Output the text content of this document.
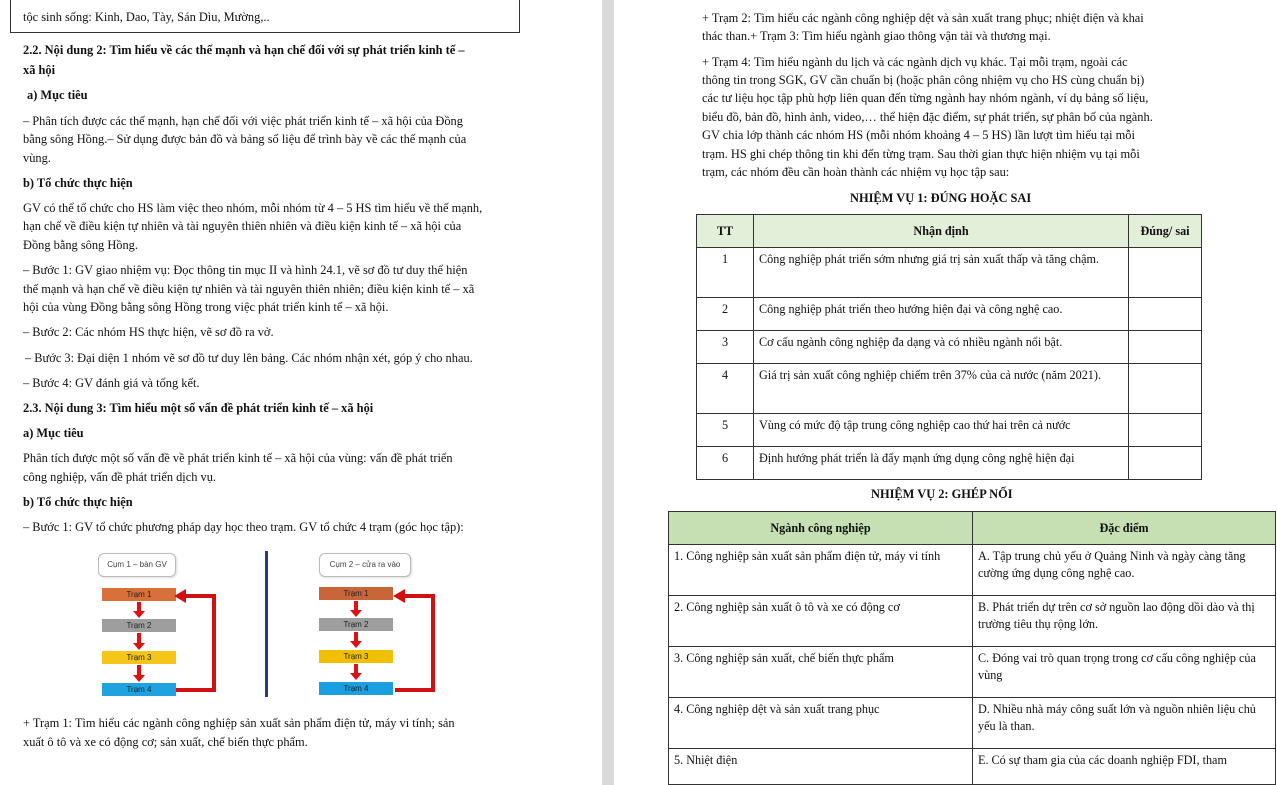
tộc sinh sống: Kinh, Dao, Tày, Sán Dìu, Mường,..
2.2. Nội dung 2: Tìm hiểu về các thế mạnh và hạn chế đối với sự phát triển kinh tế –
xã hội
a) Mục tiêu
– Phân tích được các thế mạnh, hạn chế đối với việc phát triển kinh tế – xã hội của Đồng
bằng sông Hồng.– Sử dụng được bản đồ và bảng số liệu để trình bày về các thế mạnh của
vùng.
b) Tổ chức thực hiện
GV có thể tổ chức cho HS làm việc theo nhóm, mỗi nhóm từ 4 – 5 HS tìm hiểu về thế mạnh,
hạn chế về điều kiện tự nhiên và tài nguyên thiên nhiên và điều kiện kinh tế – xã hội của
Đồng bằng sông Hồng.
– Bước 1: GV giao nhiệm vụ: Đọc thông tin mục II và hình 24.1, vẽ sơ đồ tư duy thể hiện
thế mạnh và hạn chế về điều kiện tự nhiên và tài nguyên thiên nhiên; điều kiện kinh tế – xã
hội của vùng Đồng bằng sông Hồng trong việc phát triển kinh tế – xã hội.
– Bước 2: Các nhóm HS thực hiện, vẽ sơ đồ ra vở.
– Bước 3: Đại diện 1 nhóm vẽ sơ đồ tư duy lên bảng. Các nhóm nhận xét, góp ý cho nhau.
– Bước 4: GV đánh giá và tổng kết.
2.3. Nội dung 3: Tìm hiểu một số vấn đề phát triển kinh tế – xã hội
a) Mục tiêu
Phân tích được một số vấn đề về phát triển kinh tế – xã hội của vùng: vấn đề phát triển
công nghiệp, vấn đề phát triển dịch vụ.
b) Tổ chức thực hiện
– Bước 1: GV tổ chức phương pháp dạy học theo trạm. GV tổ chức 4 trạm (góc học tập):
Cụm 1 – bàn GV
Trạm 1
Trạm 2
Trạm 3
Trạm 4
Cụm 2 – cửa ra vào
Trạm 1
Trạm 2
Trạm 3
Trạm 4
+ Trạm 1: Tìm hiểu các ngành công nghiệp sản xuất sản phẩm điện tử, máy vi tính; sản
xuất ô tô và xe có động cơ; sản xuất, chế biến thực phẩm.
+ Trạm 2: Tìm hiểu các ngành công nghiệp dệt và sản xuất trang phục; nhiệt điện và khai
thác than.+ Trạm 3: Tìm hiểu ngành giao thông vận tải và thương mại.
+ Trạm 4: Tìm hiểu ngành du lịch và các ngành dịch vụ khác. Tại mỗi trạm, ngoài các
thông tin trong SGK, GV cần chuẩn bị (hoặc phân công nhiệm vụ cho HS cùng chuẩn bị)
các tư liệu học tập phù hợp liên quan đến từng ngành hay nhóm ngành, ví dụ bảng số liệu,
biểu đồ, bản đồ, hình ảnh, video,… thể hiện đặc điểm, sự phát triển, sự phân bố của ngành.
GV chia lớp thành các nhóm HS (mỗi nhóm khoảng 4 – 5 HS) lần lượt tìm hiểu tại mỗi
trạm. HS ghi chép thông tin khi đến từng trạm. Sau thời gian thực hiện nhiệm vụ tại mỗi
trạm, các nhóm đều cần hoàn thành các nhiệm vụ học tập sau:
NHIỆM VỤ 1: ĐÚNG HOẶC SAI
TT	Nhận định	Đúng/ sai
1	Công nghiệp phát triển sớm nhưng giá trị sản xuất thấp và tăng chậm.	
2	Công nghiệp phát triển theo hướng hiện đại và công nghệ cao.	
3	Cơ cấu ngành công nghiệp đa dạng và có nhiều ngành nổi bật.	
4	Giá trị sản xuất công nghiệp chiếm trên 37% của cả nước (năm 2021).	
5	Vùng có mức độ tập trung công nghiệp cao thứ hai trên cả nước	
6	Định hướng phát triển là đẩy mạnh ứng dụng công nghệ hiện đại	
NHIỆM VỤ 2: GHÉP NỐI
Ngành công nghiệp	Đặc điểm
1. Công nghiệp sản xuất sản phẩm điện tử, máy vi tính	A. Tập trung chủ yếu ở Quảng Ninh và ngày càng tăng cường ứng dụng công nghệ cao.
2. Công nghiệp sản xuất ô tô và xe có động cơ	B. Phát triển dự trên cơ sở nguồn lao động dồi dào và thị trường tiêu thụ rộng lớn.
3. Công nghiệp sản xuất, chế biến thực phẩm	C. Đóng vai trò quan trọng trong cơ cấu công nghiệp của vùng
4. Công nghiệp dệt và sản xuất trang phục	D. Nhiều nhà máy công suất lớn và nguồn nhiên liệu chủ yếu là than.
5. Nhiệt điện	E. Có sự tham gia của các doanh nghiệp FDI, tham
